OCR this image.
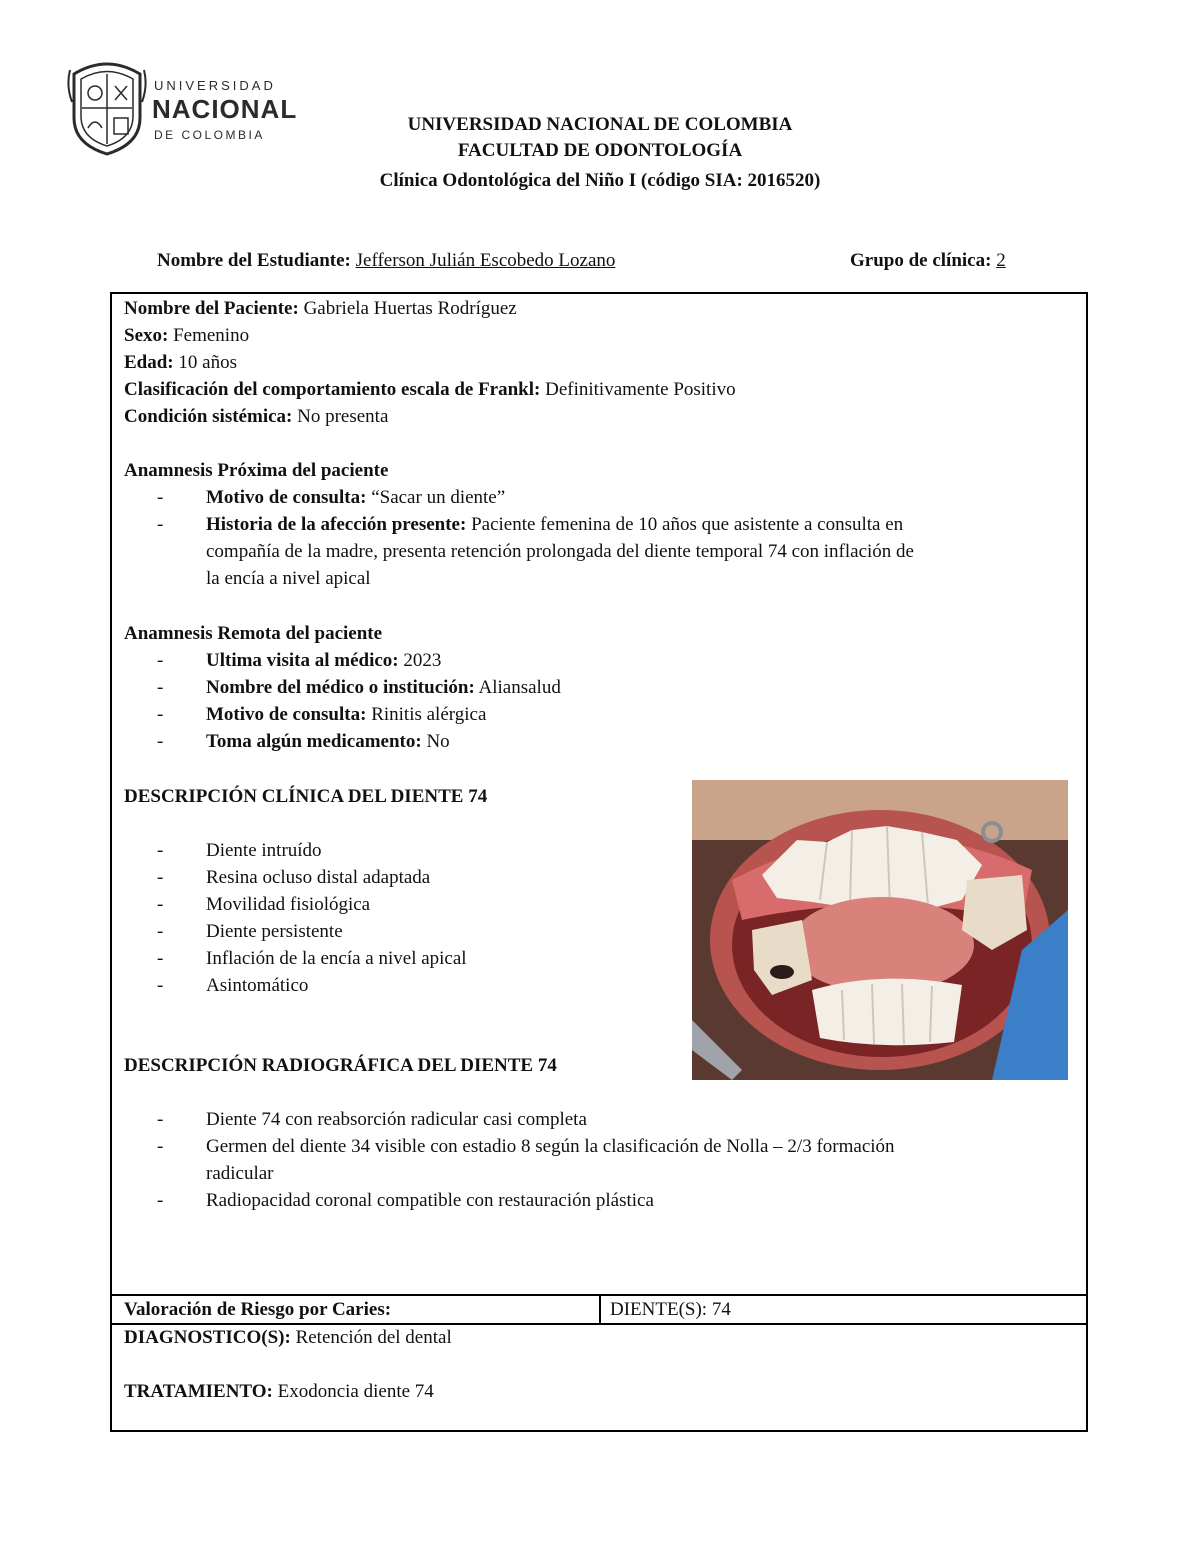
UNIVERSIDAD
NACIONAL
DE COLOMBIA	UNIVERSIDAD NACIONAL DE COLOMBIA
FACULTAD DE ODONTOLOGÍA
Clínica Odontológica del Niño I (código SIA: 2016520)
Nombre del Estudiante: Jefferson Julián Escobedo Lozano	Grupo de clínica: 2
Nombre del Paciente: Gabriela Huertas Rodríguez
Sexo: Femenino
Edad: 10 años
Clasificación del comportamiento escala de Frankl: Definitivamente Positivo
Condición sistémica: No presenta
Anamnesis Próxima del paciente
- Motivo de consulta: “Sacar un diente”
- Historia de la afección presente: Paciente femenina de 10 años que asistente a consulta en
compañía de la madre, presenta retención prolongada del diente temporal 74 con inflación de
la encía a nivel apical
Anamnesis Remota del paciente
- Ultima visita al médico: 2023
- Nombre del médico o institución: Aliansalud
- Motivo de consulta: Rinitis alérgica
- Toma algún medicamento: No
DESCRIPCIÓN CLÍNICA DEL DIENTE 74
- Diente intruído
- Resina ocluso distal adaptada
- Movilidad fisiológica
- Diente persistente
- Inflación de la encía a nivel apical
- Asintomático
DESCRIPCIÓN RADIOGRÁFICA DEL DIENTE 74
- Diente 74 con reabsorción radicular casi completa
- Germen del diente 34 visible con estadio 8 según la clasificación de Nolla – 2/3 formación
radicular
- Radiopacidad coronal compatible con restauración plástica
Valoración de Riesgo por Caries:	DIENTE(S): 74
DIAGNOSTICO(S): Retención del dental
TRATAMIENTO: Exodoncia diente 74
